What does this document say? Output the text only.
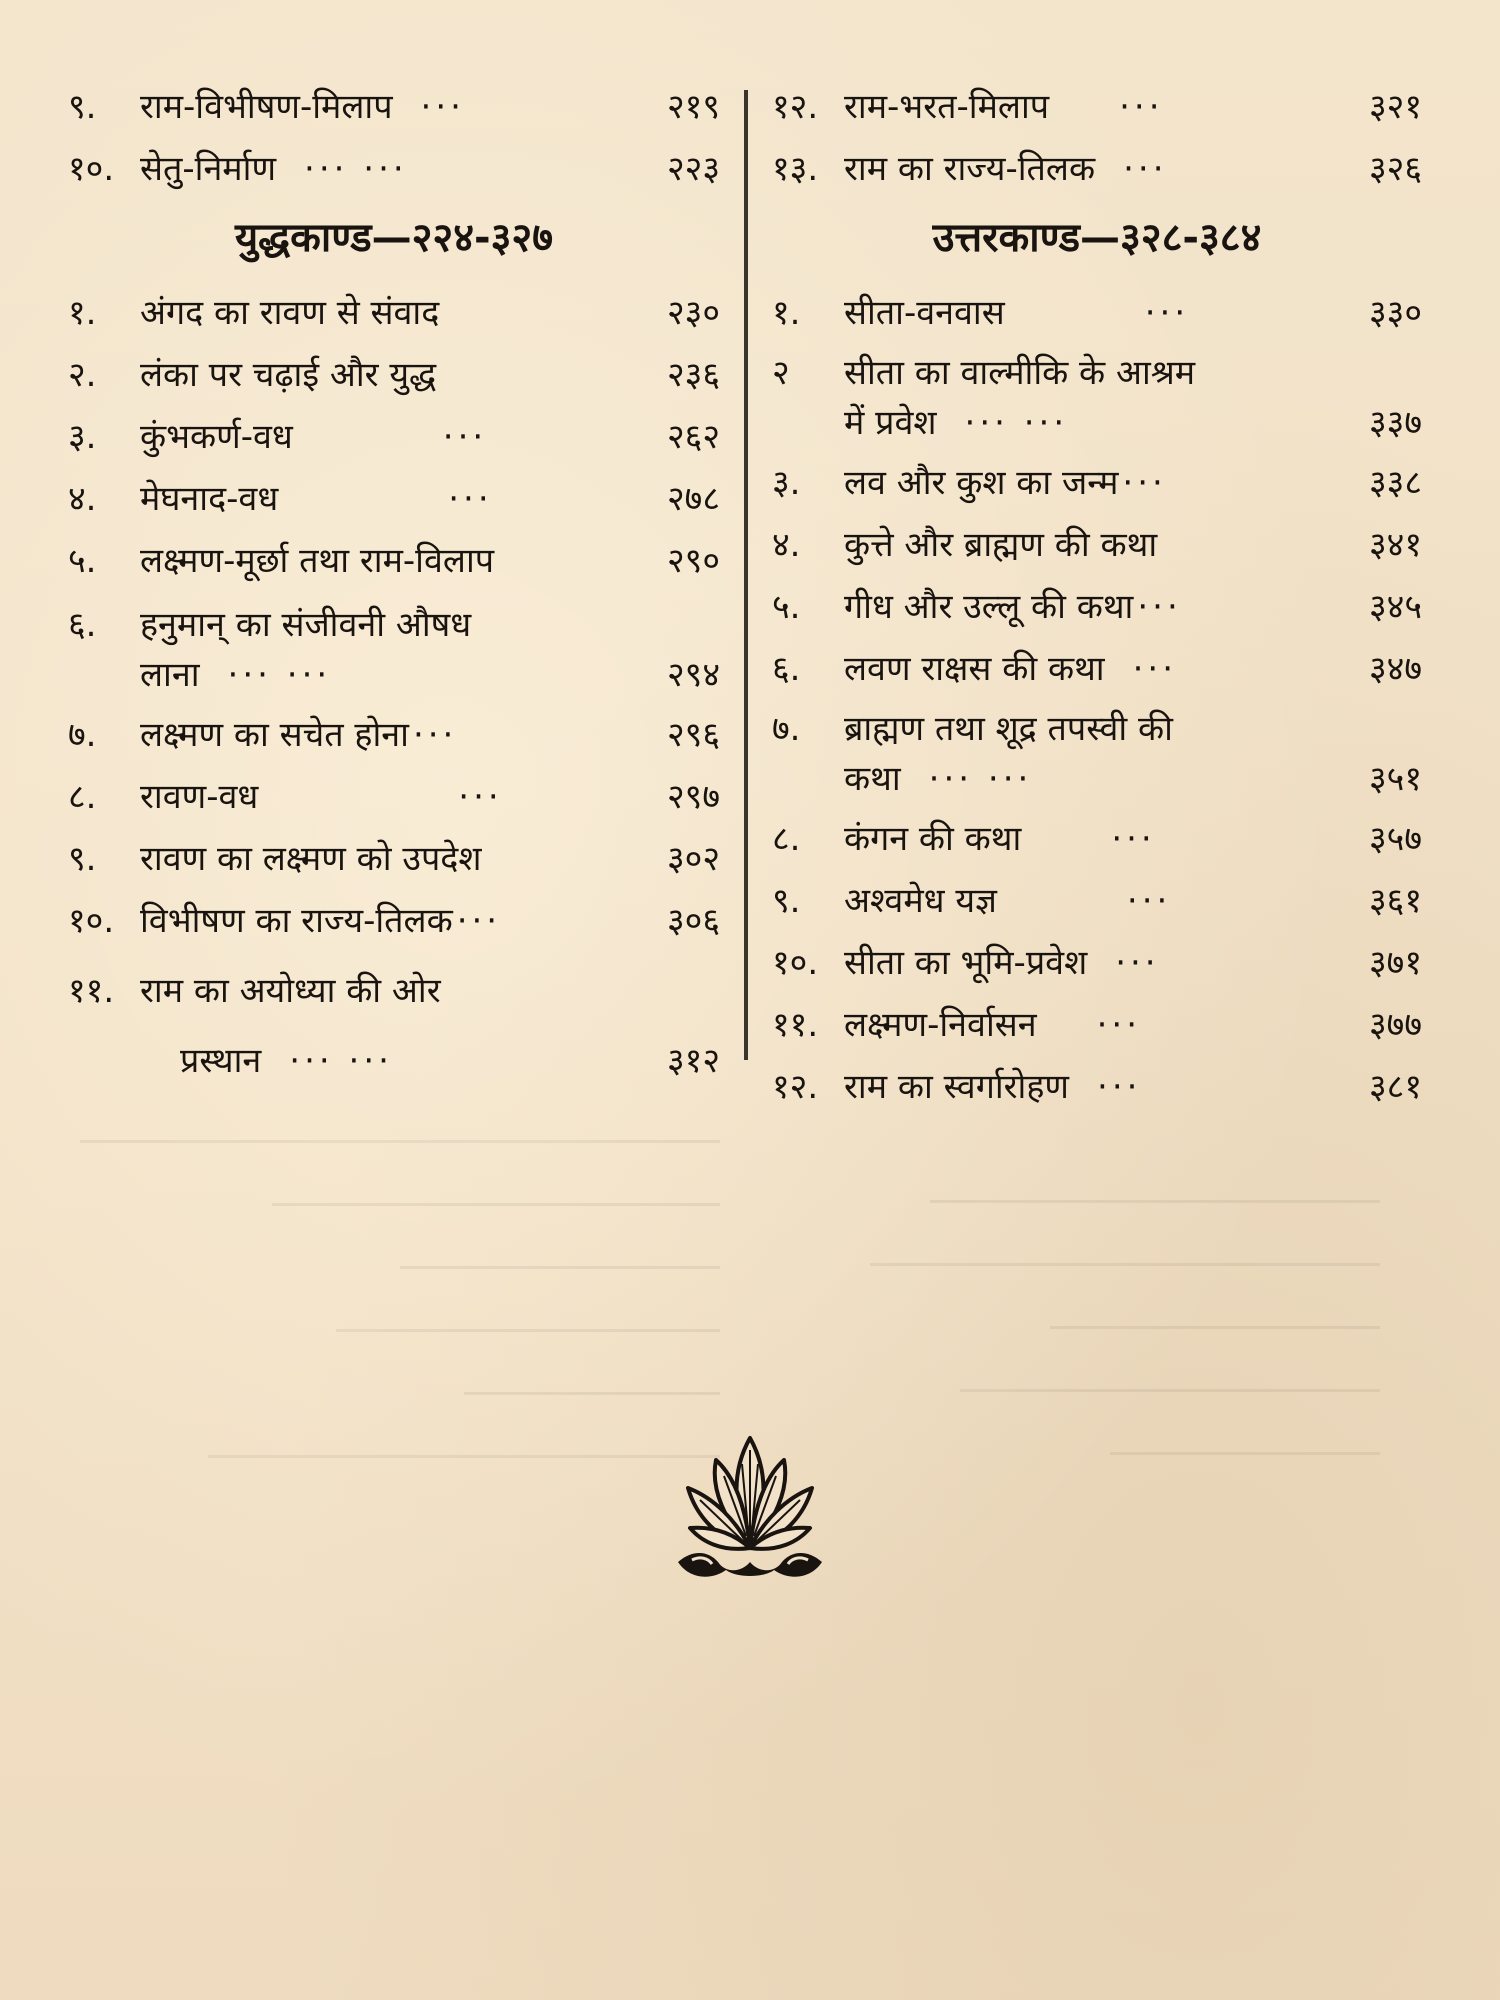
९.	राम-विभीषण-मिलाप ···	२१९
१०. सेतु-निर्माण ··· ···	२२३
युद्धकाण्ड—२२४-३२७
१.	अंगद का रावण से संवाद	२३०
२.	लंका पर चढ़ाई और युद्ध	२३६
३.	कुंभकर्ण-वध	···	२६२
४.	मेघनाद-वध	···	२७८
५.	लक्ष्मण-मूर्छा तथा राम-विलाप	२९०
६.	हनुमान् का संजीवनी औषध
लाना ··· ···	२९४
७.	लक्ष्मण का सचेत होना ···	२९६
८.	रावण-वध	···	२९७
९.	रावण का लक्ष्मण को उपदेश	३०२
१०. विभीषण का राज्य-तिलक ···	३०६
११. राम का अयोध्या की ओर
प्रस्थान ··· ···	३१२
१२. राम-भरत-मिलाप ···	३२१
१३. राम का राज्य-तिलक ···	३२६
उत्तरकाण्ड—३२८-३८४
१.	सीता-वनवास	···	३३०
२	सीता का वाल्मीकि के आश्रम
में प्रवेश ··· ···	३३७
३.	लव और कुश का जन्म ···	३३८
४.	कुत्ते और ब्राह्मण की कथा	३४१
५.	गीध और उल्लू की कथा ···	३४५
६.	लवण राक्षस की कथा ···	३४७
७.	ब्राह्मण तथा शूद्र तपस्वी की
कथा ··· ···	३५१
८.	कंगन की कथा	···	३५७
९.	अश्वमेध यज्ञ	···	३६१
१०. सीता का भूमि-प्रवेश ···	३७१
११. लक्ष्मण-निर्वासन ···	३७७
१२. राम का स्वर्गारोहण ···	३८१
